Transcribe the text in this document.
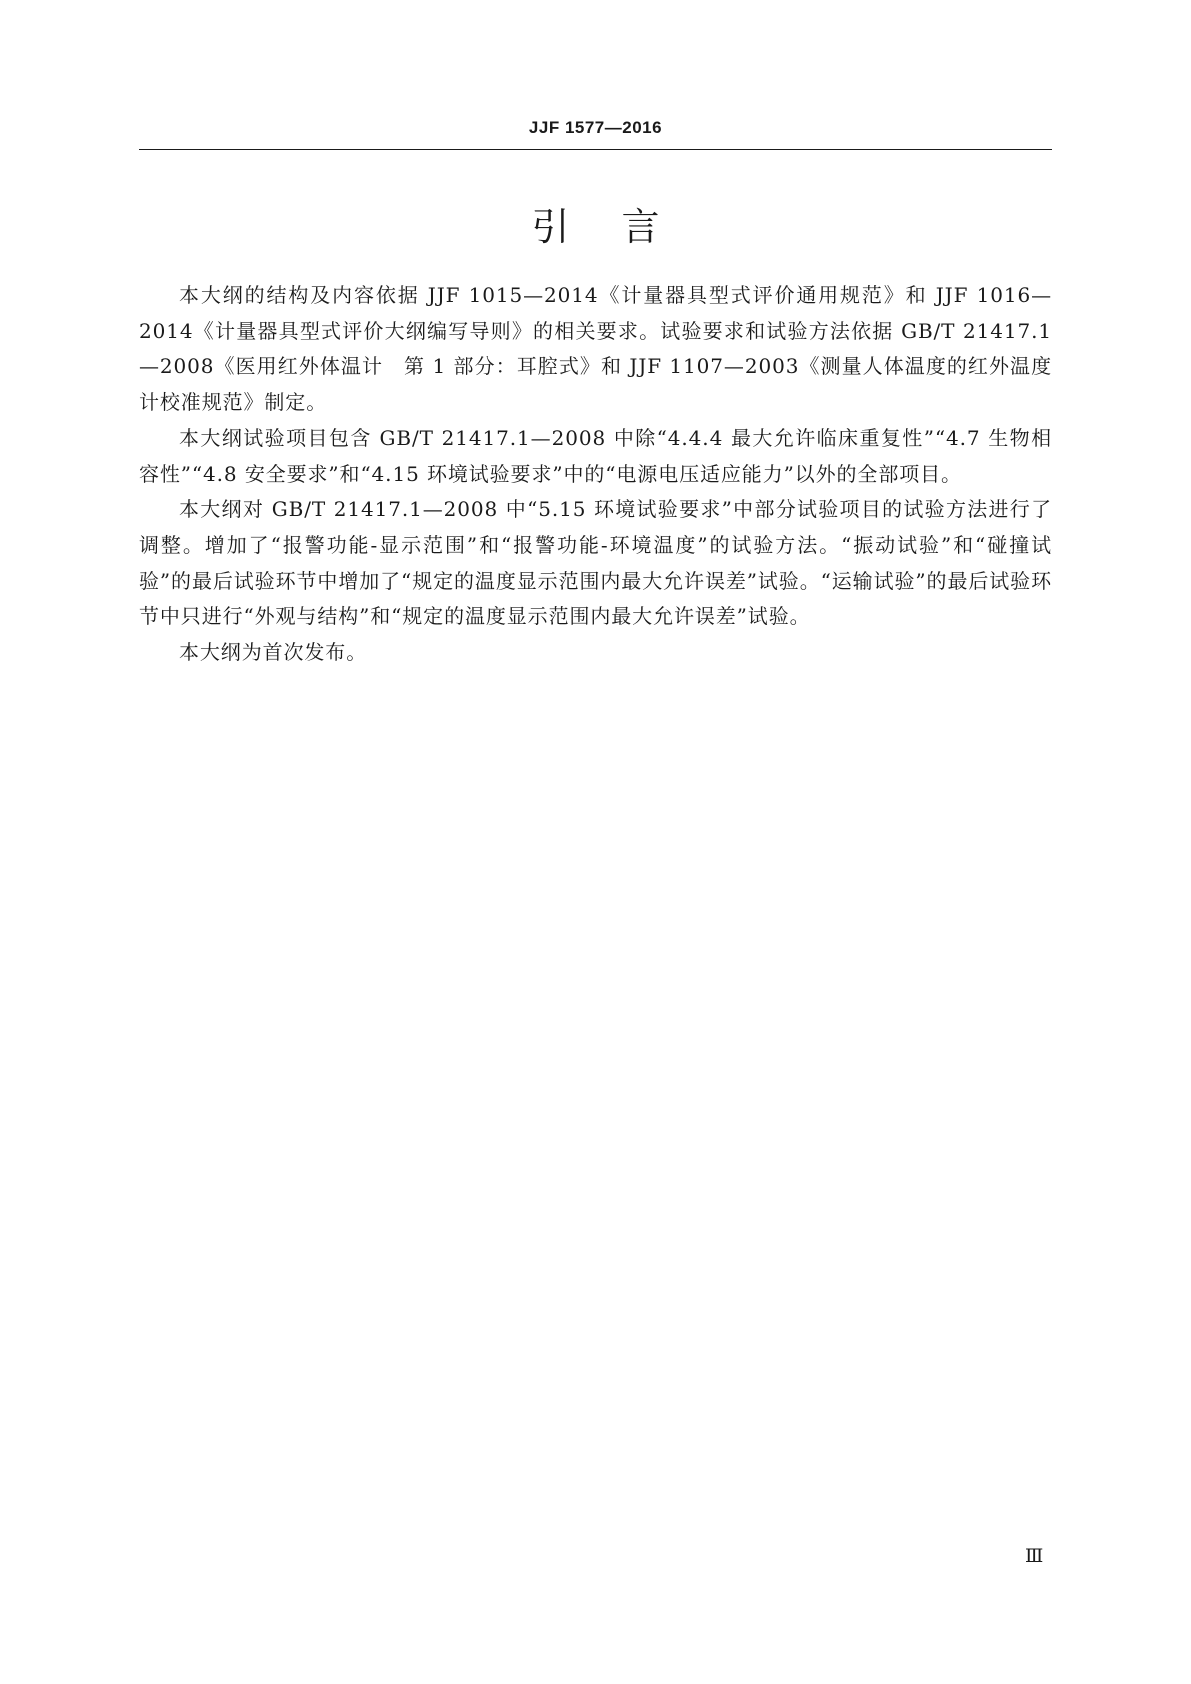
JJF 1577—2016
引言

本大纲的结构及内容依据 JJF 1015—2014《计量器具型式评价通用规范》和 JJF 1016—2014《计量器具型式评价大纲编写导则》的相关要求。试验要求和试验方法依据 GB/T 21417.1—2008《医用红外体温计　第 1 部分：耳腔式》和 JJF 1107—2003《测量人体温度的红外温度计校准规范》制定。

本大纲试验项目包含 GB/T 21417.1—2008 中除“4.4.4 最大允许临床重复性”“4.7 生物相容性”“4.8 安全要求”和“4.15 环境试验要求”中的“电源电压适应能力”以外的全部项目。

本大纲对 GB/T 21417.1—2008 中“5.15 环境试验要求”中部分试验项目的试验方法进行了调整。增加了“报警功能-显示范围”和“报警功能-环境温度”的试验方法。“振动试验”和“碰撞试验”的最后试验环节中增加了“规定的温度显示范围内最大允许误差”试验。“运输试验”的最后试验环节中只进行“外观与结构”和“规定的温度显示范围内最大允许误差”试验。

本大纲为首次发布。

Ⅲ
